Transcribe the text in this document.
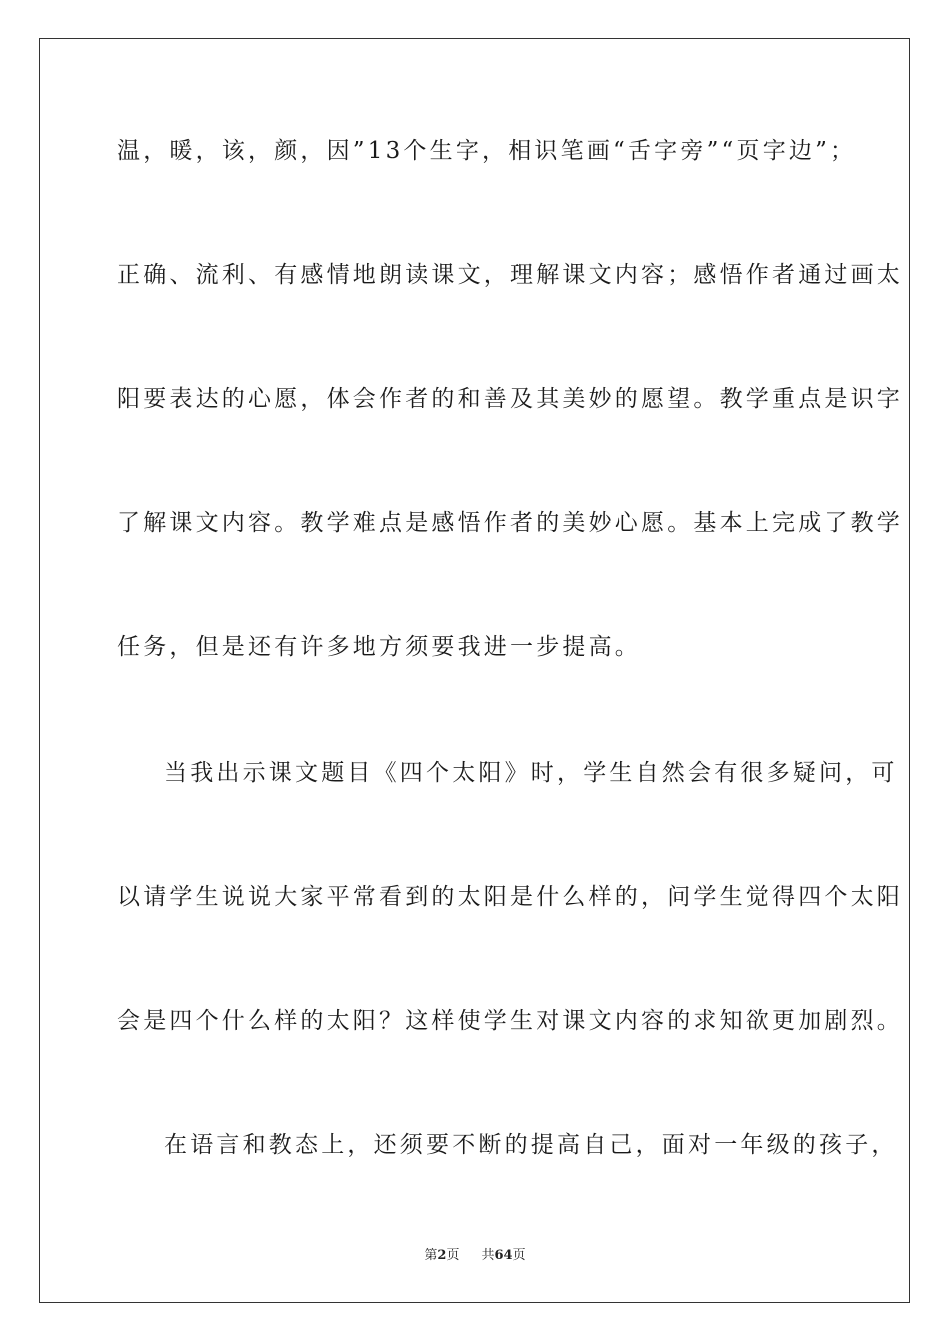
温，暖，该，颜，因”13个生字，相识笔画“舌字旁”“页字边”；
正确、流利、有感情地朗读课文，理解课文内容；感悟作者通过画太
阳要表达的心愿，体会作者的和善及其美妙的愿望。教学重点是识字
了解课文内容。教学难点是感悟作者的美妙心愿。基本上完成了教学
任务，但是还有许多地方须要我进一步提高。
当我出示课文题目《四个太阳》时，学生自然会有很多疑问，可
以请学生说说大家平常看到的太阳是什么样的，问学生觉得四个太阳
会是四个什么样的太阳？这样使学生对课文内容的求知欲更加剧烈。
在语言和教态上，还须要不断的提高自己，面对一年级的孩子，
第2页 共64页
